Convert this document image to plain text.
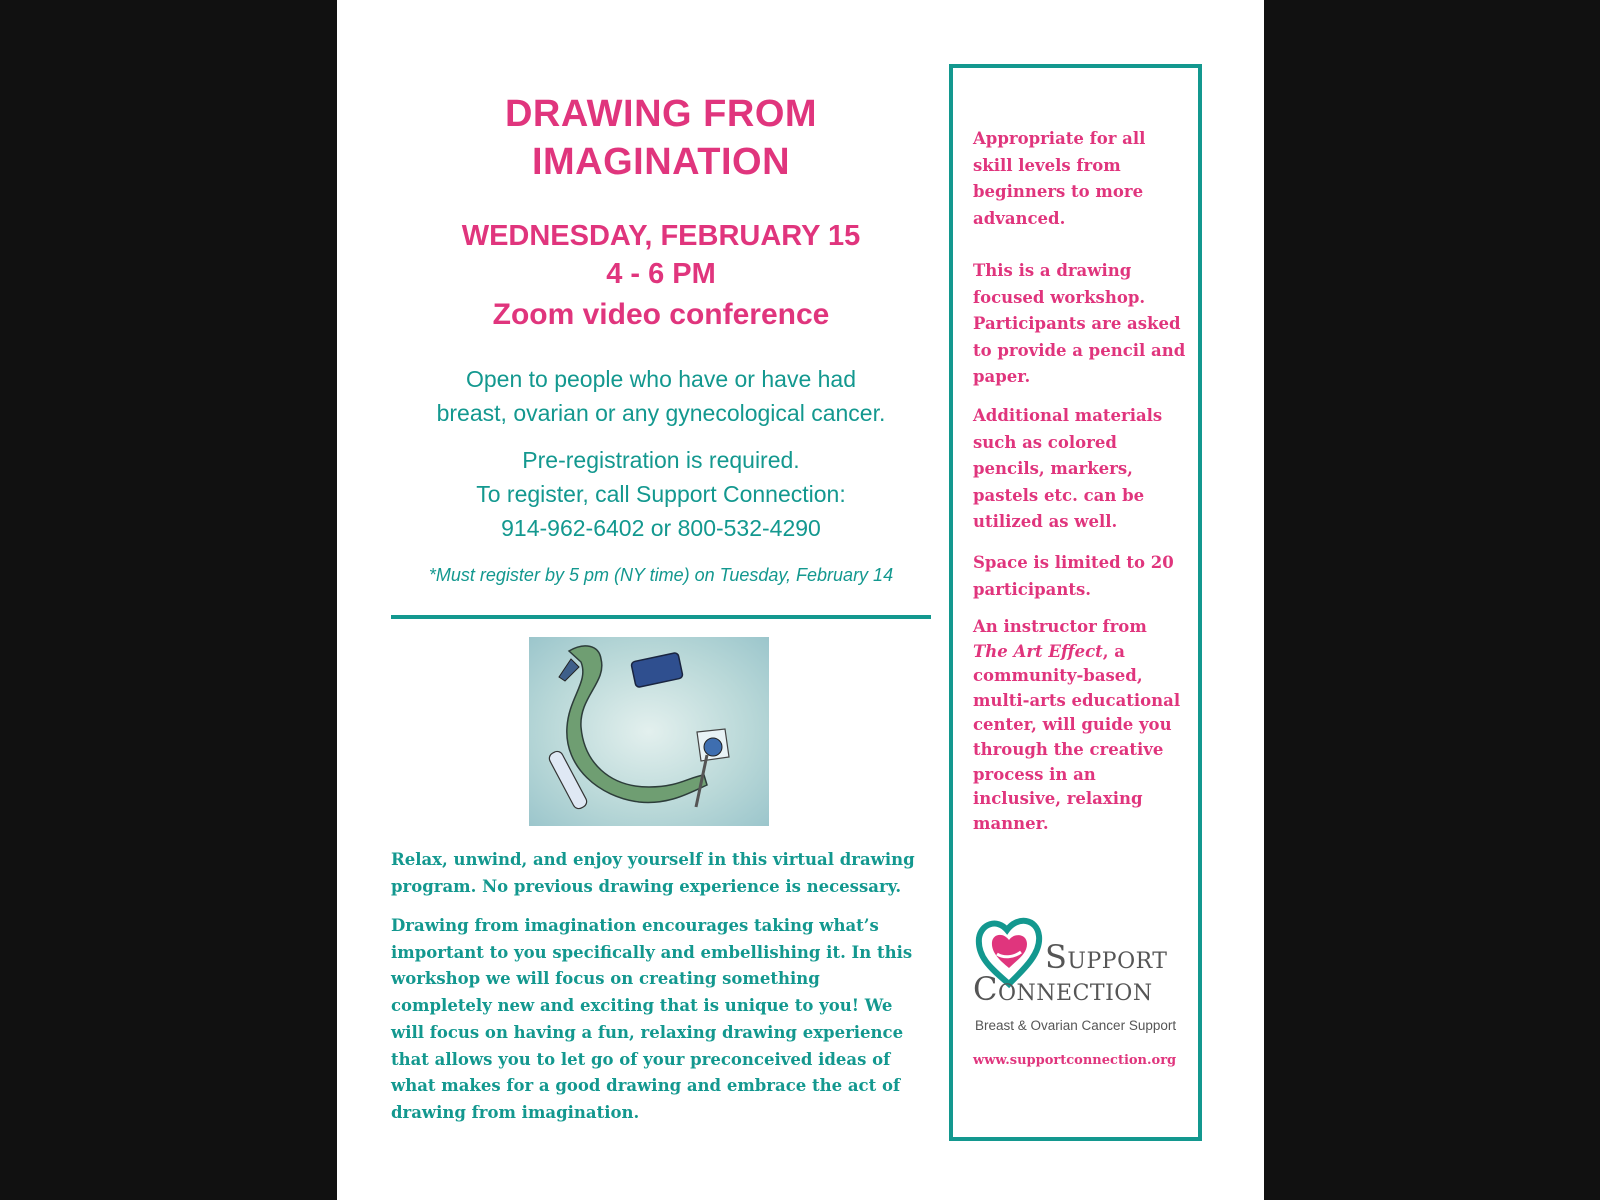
DRAWING FROM
IMAGINATION
WEDNESDAY, FEBRUARY 15
4 - 6 PM
Zoom video conference
Open to people who have or have had
breast, ovarian or any gynecological cancer.
Pre-registration is required.
To register, call Support Connection:
914-962-6402 or 800-532-4290
*Must register by 5 pm (NY time) on Tuesday, February 14
Relax, unwind, and enjoy yourself in this virtual drawing
program. No previous drawing experience is necessary.
Drawing from imagination encourages taking what’s
important to you specifically and embellishing it. In this
workshop we will focus on creating something
completely new and exciting that is unique to you! We
will focus on having a fun, relaxing drawing experience
that allows you to let go of your preconceived ideas of
what makes for a good drawing and embrace the act of
drawing from imagination.
Appropriate for all
skill levels from
beginners to more
advanced.
This is a drawing
focused workshop.
Participants are asked
to provide a pencil and
paper.
Additional materials
such as colored
pencils, markers,
pastels etc. can be
utilized as well.
Space is limited to 20
participants.
An instructor from
The Art Effect, a
community-based,
multi-arts educational
center, will guide you
through the creative
process in an
inclusive, relaxing
manner.
Support
Connection
Breast & Ovarian Cancer Support
www.supportconnection.org
